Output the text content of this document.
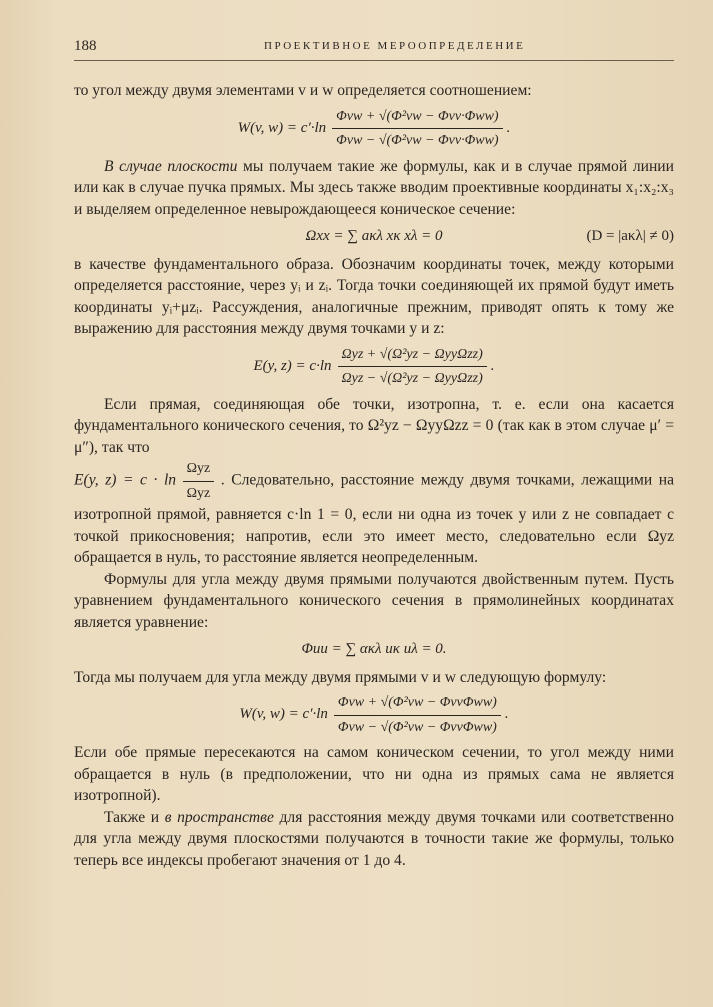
188	ПРОЕКТИВНОЕ МЕРООПРЕДЕЛЕНИЕ

то угол между двумя элементами v и w определяется соотношением:

W(v, $w) = c'\cdot\ln \frac{\text{Φvw + √(Φ²vw − Φvv·Φww)}}{\text{Φvw − √(Φ²vw − Φvv·Φww)}}$ .

В случае плоскости мы получаем такие же формулы, как и в случае прямой линии или как в случае пучка прямых. Мы здесь также вводим проективные координаты x₁:x₂:x₃ и выделяем определенное невырождающееся коническое сечение:

Ωxx = ∑ aκλ xκ xλ = 0	(D = |aκλ| ≠ 0)

в качестве фундаментального образа. Обозначим координаты точек, между которыми определяется расстояние, через yᵢ и zᵢ. Тогда точки соединяющей их прямой будут иметь координаты yᵢ+μzᵢ. Рассуждения, аналогичные прежним, приводят опять к тому же выражению для расстояния между двумя точками y и z:

E(y, $z) = c\cdot\ln \frac{\text{Ωyz + √(Ω²yz − ΩyyΩzz)}}{\text{Ωyz − √(Ω²yz − ΩyyΩzz)}}$ .

Если прямая, соединяющая обе точки, изотропна, т. е. если она касается фундаментального конического сечения, то Ω²yz − ΩyyΩzz = 0 (так как в этом случае μ′ = μ″), так что

E(y, $z) = c \cdot \ln \frac{\text{Ωyz}}{\text{Ωyz}}$ . Следовательно, расстояние между двумя точками, лежащими на изотропной прямой, равняется c·ln 1 = 0, если ни одна из точек y или z не совпадает с точкой прикосновения; напротив, если это имеет место, следовательно если Ωyz обращается в нуль, то расстояние является неопределенным.

Формулы для угла между двумя прямыми получаются двойственным путем. Пусть уравнением фундаментального конического сечения в прямолинейных координатах является уравнение:

Φuu = ∑ ακλ uκ uλ = 0.

Тогда мы получаем для угла между двумя прямыми v и w следующую формулу:

W(v, $w) = c'\cdot\ln \frac{\text{Φvw + √(Φ²vw − ΦvvΦww)}}{\text{Φvw − √(Φ²vw − ΦvvΦww)}}$ .

Если обе прямые пересекаются на самом коническом сечении, то угол между ними обращается в нуль (в предположении, что ни одна из прямых сама не является изотропной).

Также и в пространстве для расстояния между двумя точками или соответственно для угла между двумя плоскостями получаются в точности такие же формулы, только теперь все индексы пробегают значения от 1 до 4.
